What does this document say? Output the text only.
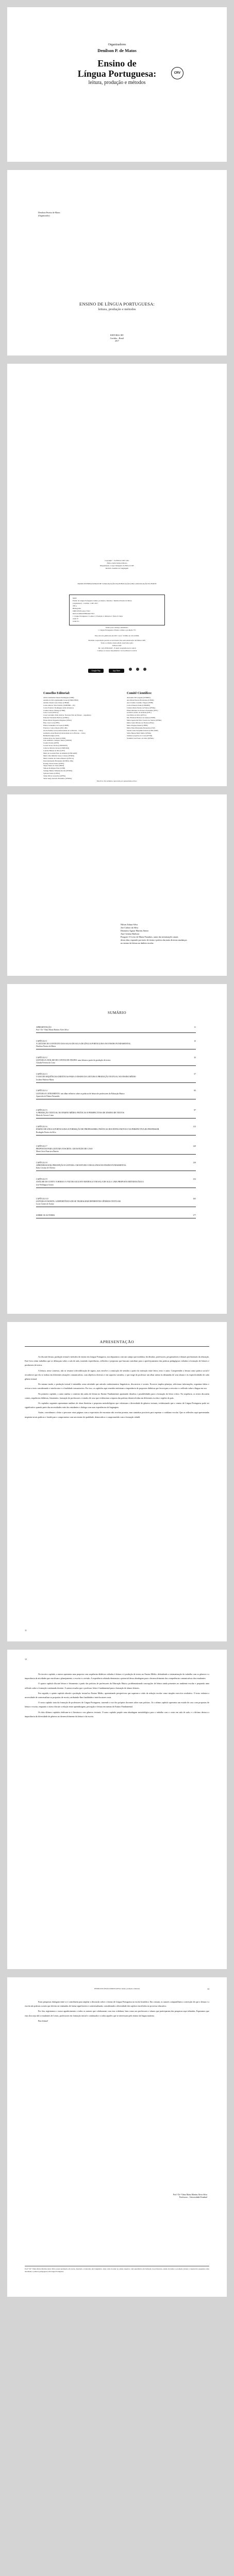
Organizadores
Denilson P. de Matos
Ensino de
Língua Portuguesa:
leitura, produção e métodos
CRV
Denilson Pereira de Matos
(Organizador)
ENSINO DE LÍNGUA PORTUGUESA:
leitura, produção e métodos
EDITORA CRV
Curitiba – Brasil
2017
Copyright © da Editora CRV Ltda.
Editor-chefe: Railson Moura
Diagramação e Capa: Designers da Editora CRV
Revisão: Analista de Linguagem
DADOS INTERNACIONAIS DE CATALOGAÇÃO-NA-PUBLICAÇÃO (CIP) CATALOGAÇÃO NA FONTE
M425
Ensino de Língua Portuguesa: leitura, produção e métodos / Denilson Pereira de Matos
(organizador) – Curitiba : CRV, 2017.
180 p.
Bibliografia
ISBN 978-85-444-1730-5
DOI 10.24824/978854441730.5
1. Língua Portuguesa 2. Leitura 3. Produção 4. Métodos I. Título II. Série
CDU 37
CDD 371
Índice para catálogo sistemático
1. Língua Portuguesa e Ensino: leitura e produção 371
Esta obra foi publicada em 2017, Lei nº 10.994, de 14/12/2004.
Proibida a reprodução parcial ou total desta obra sem autorização da Editora CRV
Todos os direitos desta edição reservados pela:
Editora CRV
Tel.: (41) 3039-6418 – E-mail: sac@editoracrv.com.br
Conheça os nossos lançamentos: www.editoracrv.com.br
Google Play	App Store
Conselho Editorial:
Aldira Guimarães Duarte Domínguez (UNB)
Andréia da Silva Quintanilha Sousa (UNIR/UFRN)
Antônio Pereira Gaio Júnior (UFRRJ)
Carlos Alberto Vilar Estêvão (UMINHO – PT)
Carlos Federico Dominguez Avila (Unieuro)
Carmen Tereza Velanga (UNIR)
Celso Conti (UFSCar)
Cesar Gerónimo Tello (Univer. Nacional Três de Febrero – Argentina)
Eduardo Fernandes Barbosa (UFMG)
Elione Maria Nogueira Diogenes (UFAL)
Élsio José Corá (UFFS)
Elizeu Clementino de Souza (UNEB)
Francisco Carlos Duarte (PUC-PR)
Gloria Fariñas León (Universidade de La Havana – Cuba)
Guillermo Arias Beatón (Universidade de La Havana – Cuba)
Helmuth Krüger (UCP)
Jailson Alves dos Santos (UFRJ)
João Adalberto Campato Junior (UNESP)
Josania Portela (UFPI)
Leonel Severo Rocha (UNISINOS)
Lídia de Oliveira Xavier (UNIEURO)
Lourdes Helena da Silva (UFV)
Maria de Lourdes Pinto de Almeida (UNICAMP)
Maria Lília Imbiriba Sousa Colares (UFOPA)
Maria Cristina dos Santos Bezerra (UFSCar)
Paulo Romualdo Hernandes (UNIFAL-MG)
Rodrigo Pratte-Santos (UFES)
Sérgio Nunes de Jesus (IFRO)
Simone Rodrigues Pinto (UNB)
Solange Helena Ximenes-Rocha (UFOPA)
Sydione Santos (UEPG)
Tadeu Oliver Gonçalves (UFPA)
Tania Suely Azevedo Brasileiro (UFOPA)
Comitê Científico:
Alexandre Silva Aguiar (UNIRIO)
Ana Maria Esteves Bortolanza (UEMS)
Ana Cristina Coutinho Viegas (UFPB)
Carlos Eduardo Penha (UNIMEP)
Cristina Maria Penido de Freitas (UFMG)
Eliane Marquez da Fonseca Fernandes (UFG)
Geralda Leandro de Andrade (UFC)
José Mário da Silva (UFCG)
Ma. Elisabete Barbosa de Araújo (UFRN)
Maria Aparecida Paiva Soares dos Santos (UFMG)
Maria Luiza Oliveira de Freitas (UFAL)
Marta Pragana Dantas (UFPB)
Maria Eliza Mattosinho Bernardes (USP)
Sandra Luiza Seraphim Teixeira (UNICAMP)
Sílvia Helena Barbi Mello (UFMG)
Valdina Gonçalves da Costa (UFTM)
Vladimir José Franco da Silva (UFMG)
Este livro foi avaliado e aprovado por pareceristas ad hoc.
Nilson Zalaza Silva
Jair Calixto da Silva
Diomário Aguiar Martins Júnior
Ana Cristina Barbosa
Pouguet: O Livro de Maria Paranhos, autor das informações atuais
desta obra, expondo por meio de teoria e prática das mais diversas mudanças
no ensino da leitura no âmbito escolar.
SUMÁRIO
APRESENTAÇÃO
Prof.ª Dr.ª Vânia Maria Martins Alves Silva
11
CAPÍTULO 1
A LEITURA NO CONTEXTO DAS SALAS DE AULA DE LÍNGUA PORTUGUESA NO ENSINO FUNDAMENTAL
Denilson Pereira de Matos
15
CAPÍTULO 2
LEITURA E ANÁLISE DE CONTOS DE ENSINO: uma leitura a partir da produção de textos
Cláudia Ferreira da Costa
35
CAPÍTULO 3
O USO DE SEQUÊNCIAS DIDÁTICAS PARA O ENSINO DA LEITURA E PRODUÇÃO TEXTUAL NO ENSINO MÉDIO
Josilene Pinheiro-Mariz
57
CAPÍTULO 4
LEITURA E LETRAMENTO: um olhar reflexivo sobre as práticas de leitura de professores da Educação Básica
Aparecida de Fátima Fernandes
83
CAPÍTULO 5
A PRODUÇÃO TEXTUAL NO ENSINO MÉDIO: PRÁTICAS E PERSPECTIVAS DE ENSINO DE TEXTOS
Maria do Socorro Lima
97
CAPÍTULO 6
ENSINO DE LÍNGUA PORTUGUESA E FORMAÇÃO DE PROFESSORES: PRÁTICAS DOCENTES EM FOCO NA PERSPECTIVA DO PROFESSOR
Rosângela Pereira da Silva
115
CAPÍTULO 7
PROPOSTAS PARA LEITURA E ESCRITA: UM ESTUDO DE CASO
Marta Lúcia Francisca Barreto
129
CAPÍTULO 8
APRENDIZAGEM, PERCEPÇÃO E LEITURA: UM ESTUDO COM ALUNOS DO ENSINO FUNDAMENTAL
Kátia Cristina de Oliveira
139
CAPÍTULO 9
ANÁLISE DO CONTO 'A HORA E A VEZ DE AUGUSTO MATRAGA' EM SALA DE AULA: UMA PROPOSTA METODOLÓGICA
José Wellington Gomes
153
CAPÍTULO 10
LEITURA E ESCRITA: A IMPORTÂNCIA DE SE TRABALHAR DIFERENTES GÊNEROS TEXTUAIS
Lucas Gomes de Araújo
165
SOBRE OS AUTORES	177
APRESENTAÇÃO
Ao discutir leitura, produção textual e métodos de ensino em Língua Portuguesa, nos deparamos com um campo que mobiliza, há décadas, professores, pesquisadores e demais profissionais da educação. Este livro reúne trabalhos que se debruçam sobre a sala de aula, trazendo experiências, reflexões e propostas que buscam contribuir para o aperfeiçoamento das práticas pedagógicas voltadas à formação de leitores e produtores de textos.
A leitura, nesse contexto, não se resume à decodificação de signos, mas envolve a construção de sentidos a partir da interação entre leitor, texto e autor. Compreender a leitura como prática social é reconhecer que ela se realiza em diferentes situações comunicativas, com objetivos diversos e em suportes variados, o que exige do professor um olhar atento às demandas de seus alunos e às especificidades de cada gênero textual.
Do mesmo modo, a produção textual é entendida como atividade que articula conhecimentos linguísticos, discursivos e sociais. Escrever implica planejar, selecionar informações, organizar ideias e revisar o texto considerando o interlocutor e a finalidade comunicativa. Por isso, os capítulos aqui reunidos enfatizam a importância de propostas didáticas que favoreçam a reescrita e a reflexão sobre a língua em uso.
No primeiro capítulo, o autor analisa o contexto das aulas de leitura no Ensino Fundamental, apontando desafios e possibilidades para a formação do leitor crítico. Na sequência, os textos discutem contos, sequências didáticas, letramento, formação de professores e estudos de caso que evidenciam a riqueza das práticas desenvolvidas em diferentes escolas e regiões do país.
Os capítulos seguintes apresentam análises de obras literárias e propostas metodológicas que valorizam a diversidade de gêneros textuais, evidenciando que o ensino de Língua Portuguesa pode ser significativo quando parte das necessidades reais dos estudantes e dialoga com suas experiências de linguagem.
Assim, convidamos o leitor a percorrer estas páginas com a expectativa de encontrar não receitas prontas, mas caminhos possíveis para repensar o cotidiano escolar. Que as reflexões aqui apresentadas inspirem novas práticas e fortaleçam o compromisso com um ensino de qualidade, democrático e comprometido com a formação cidadã.
11
12
No terceiro capítulo, a autora apresenta uma proposta com sequências didáticas voltadas à leitura e à produção de textos no Ensino Médio, defendendo a sistematização do trabalho com os gêneros e a importância de atividades que envolvam o planejamento, a escrita e a revisão. A experiência relatada demonstra o potencial dessa abordagem para o desenvolvimento das competências comunicativas dos estudantes.
O quarto capítulo discute leitura e letramento a partir das práticas de professores da Educação Básica, problematizando concepções de leitura ainda presentes no ambiente escolar e propondo uma reflexão sobre a formação continuada docente. A autora ressalta que o professor leitor é fundamental para a formação de alunos leitores.
Em seguida, o quinto capítulo aborda a produção textual no Ensino Médio, apresentando perspectivas que superam a visão da redação escolar como simples exercício avaliativo. O texto enfatiza a necessidade de contextualizar as propostas de escrita, atribuindo-lhes finalidades e interlocutores reais.
O sexto capítulo trata da formação de professores de Língua Portuguesa, trazendo a voz dos próprios docentes sobre suas práticas. Já o sétimo capítulo apresenta um estudo de caso com propostas de leitura e escrita, enquanto o oitavo discute a relação entre aprendizagem, percepção e leitura em turmas do Ensino Fundamental.
Os dois últimos capítulos dedicam-se à literatura e aos gêneros textuais. O nono capítulo propõe uma abordagem metodológica para o trabalho com o conto em sala de aula, e o décimo destaca a importância da diversidade de gêneros no desenvolvimento da leitura e da escrita.
ENSINO DE LÍNGUA PORTUGUESA: leitura, produção e métodos	13
Estas pesquisas dialogam entre si e contribuem para ampliar a discussão sobre o ensino de Língua Portuguesa na escola brasileira. Em comum, os autores compartilham a convicção de que a leitura e a escrita são práticas sociais que devem ser ensinadas de forma significativa e contextualizada, considerando a diversidade dos sujeitos envolvidos no processo educativo.
Por fim, registramos o nosso agradecimento a todos os autores que colaboraram com esta coletânea, bem como aos professores e alunos que participaram das pesquisas aqui relatadas. Esperamos que esta obra seja útil a estudantes de Letras, professores em formação inicial e continuada e a todos aqueles que se interessam pelo ensino da língua materna.
Boa leitura!
Prof.ª Dr.ª Vânia Maria Martins Alves Silva
Professora – Universidade Estadual
Prof.ª Dr.ª Vânia Maria Martins Alves Silva possui graduação em Letras, mestrado e doutorado em Linguística. Atua como docente no ensino superior, com experiência em formação de professores, ensino de leitura e produção textual, e desenvolve pesquisas sobre letramento e práticas pedagógicas em Língua Portuguesa.
